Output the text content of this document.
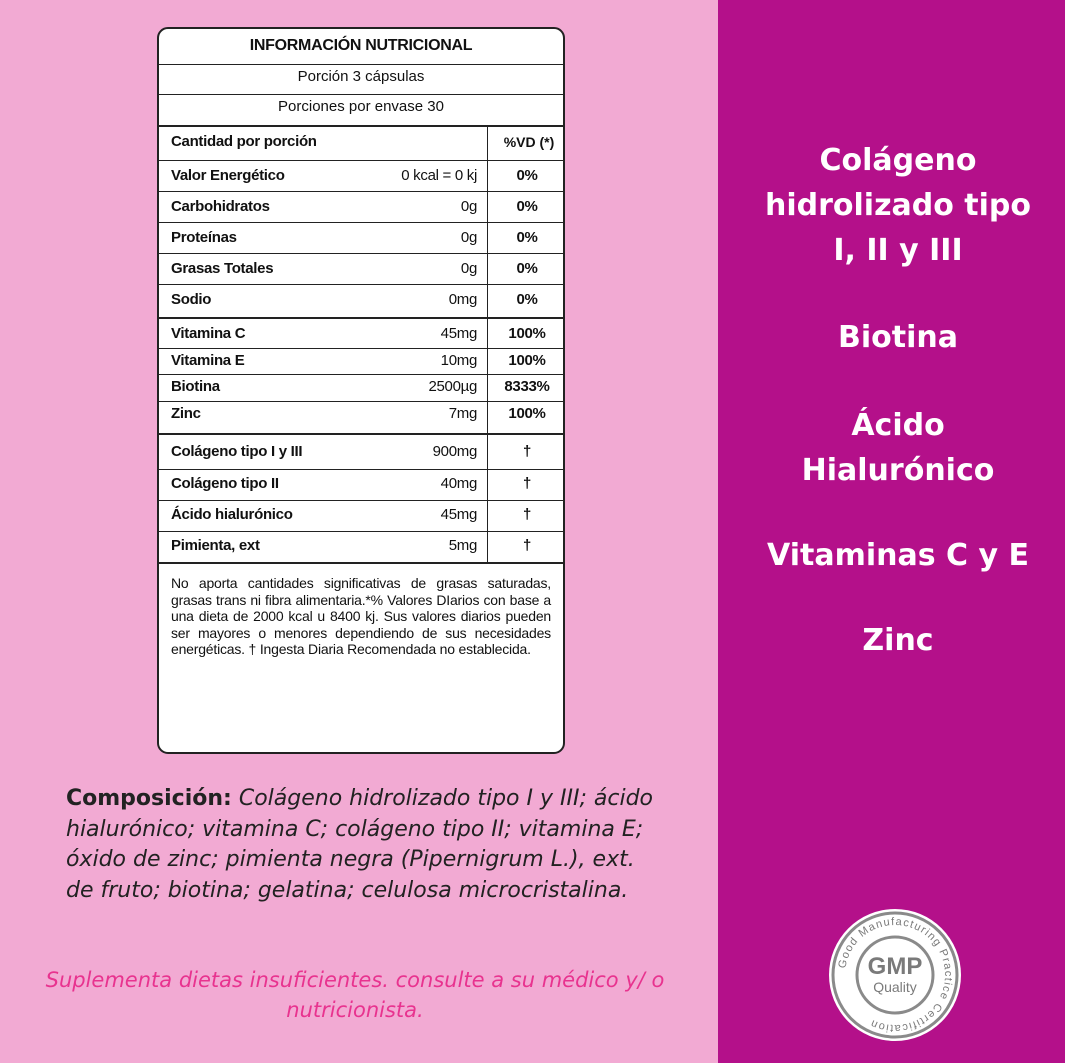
INFORMACIÓN NUTRICIONAL
Porción 3 cápsulas
Porciones por envase 30
Cantidad por porción	%VD (*)
Valor Energético	0 kcal = 0 kj	0%
Carbohidratos	0g	0%
Proteínas	0g	0%
Grasas Totales	0g	0%
Sodio	0mg	0%
Vitamina C	45mg	100%
Vitamina E	10mg	100%
Biotina	2500µg	8333%
Zinc	7mg	100%
Colágeno tipo I y III	900mg	†
Colágeno tipo II	40mg	†
Ácido hialurónico	45mg	†
Pimienta, ext	5mg	†
No aporta cantidades significativas de grasas saturadas, grasas trans ni fibra alimentaria.*% Valores DIarios con base a una dieta de 2000 kcal u 8400 kj. Sus valores diarios pueden ser mayores o menores dependiendo de sus necesidades energéticas. † Ingesta Diaria Recomendada no establecida.
Composición: Colágeno hidrolizado tipo I y III; ácido hialurónico; vitamina C; colágeno tipo II; vitamina E; óxido de zinc; pimienta negra (Pipernigrum L.), ext. de fruto; biotina; gelatina; celulosa microcristalina.
Suplementa dietas insuficientes. consulte a su médico y/ o nutricionista.
Colágeno
hidrolizado tipo
I, II y III
Biotina
Ácido
Hialurónico
Vitaminas C y E
Zinc
Good Manufacturing Practice Certification
GMP
Quality
